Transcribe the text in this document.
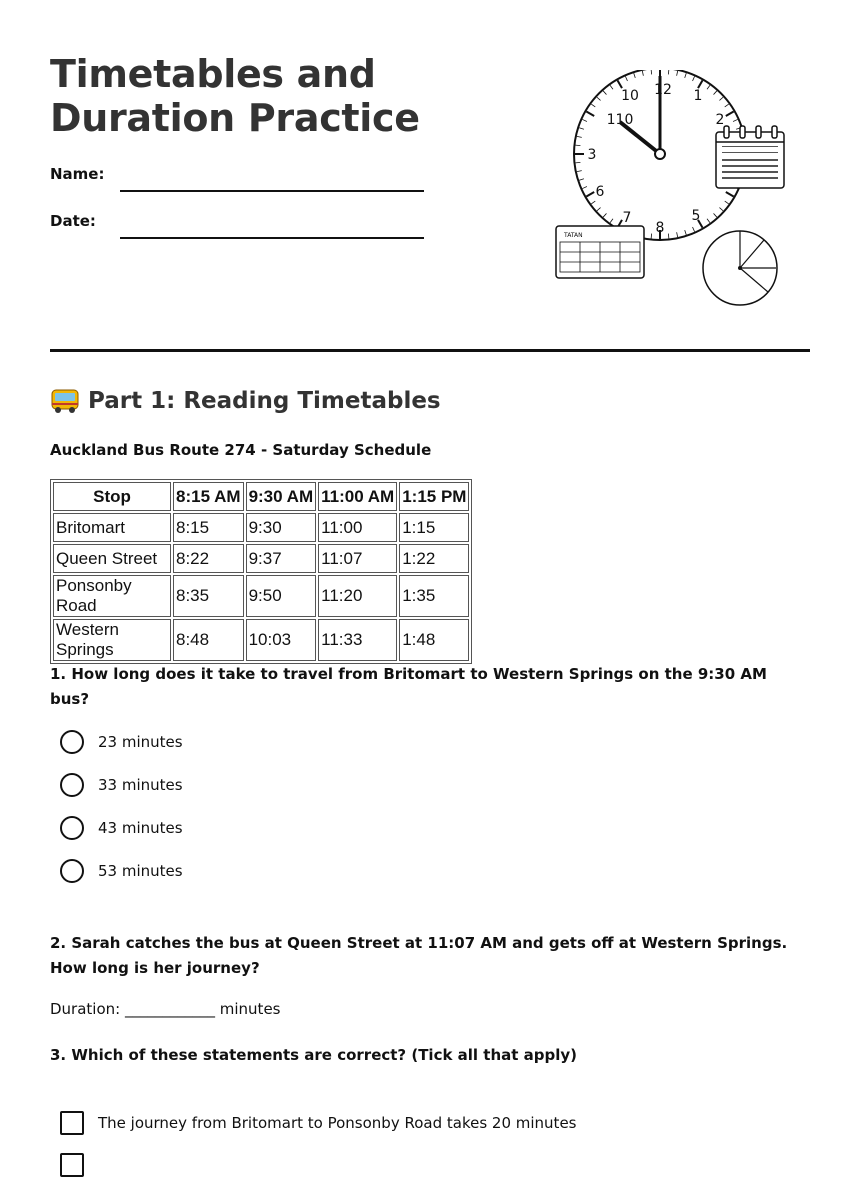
Timetables and
Duration Practice
Name:
Date:
12 1
2
3
110
10
6
7
8
5
TATAN
Part 1: Reading Timetables
Auckland Bus Route 274 - Saturday Schedule
Stop	8:15 AM	9:30 AM	11:00 AM	1:15 PM
Britomart	8:15	9:30	11:00	1:15
Queen Street	8:22	9:37	11:07	1:22
Ponsonby Road	8:35	9:50	11:20	1:35
Western Springs	8:48	10:03	11:33	1:48

1. How long does it take to travel from Britomart to Western Springs on the 9:30 AM bus?

23 minutes
33 minutes
43 minutes
53 minutes

2. Sarah catches the bus at Queen Street at 11:07 AM and gets off at Western Springs. How long is her journey?

Duration: ____________ minutes

3. Which of these statements are correct? (Tick all that apply)

The journey from Britomart to Ponsonby Road takes 20 minutes
